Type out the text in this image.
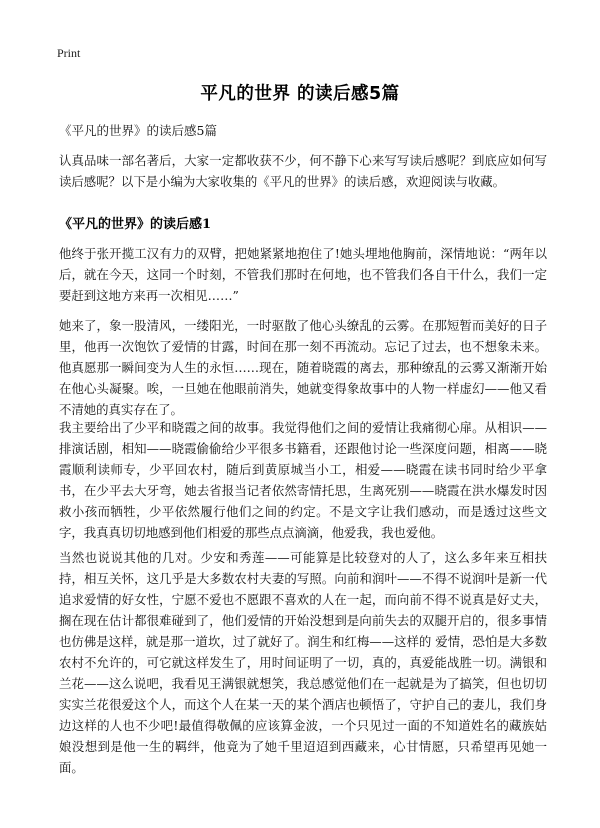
Print
平凡的世界 的读后感5篇
《平凡的世界》的读后感5篇
认真品味一部名著后，大家一定都收获不少，何不静下心来写写读后感呢？到底应如何写读后感呢？以下是小编为大家收集的《平凡的世界》的读后感，欢迎阅读与收藏。
《平凡的世界》的读后感1
他终于张开揽工汉有力的双臂，把她紧紧地抱住了!她头埋地他胸前，深情地说：“两年以后，就在今天，这同一个时刻，不管我们那时在何地，也不管我们各自干什么，我们一定要赶到这地方来再一次相见……”
她来了，象一股清风，一缕阳光，一时驱散了他心头缭乱的云雾。在那短暂而美好的日子里，他再一次饱饮了爱情的甘露，时间在那一刻不再流动。忘记了过去，也不想象未来。他真愿那一瞬间变为人生的永恒……现在，随着晓霞的离去，那种缭乱的云雾又渐渐开始在他心头凝聚。唉，一旦她在他眼前消失，她就变得象故事中的人物一样虚幻——他又看不清她的真实存在了。
我主要给出了少平和晓霞之间的故事。我觉得他们之间的爱情让我痛彻心扉。从相识——排演话剧，相知——晓霞偷偷给少平很多书籍看，还跟他讨论一些深度问题，相离——晓霞顺利读师专，少平回农村，随后到黄原城当小工，相爱——晓霞在读书同时给少平拿书，在少平去大牙弯，她去省报当记者依然寄情托思，生离死别——晓霞在洪水爆发时因救小孩而牺牲，少平依然履行他们之间的约定。不是文字让我们感动，而是透过这些文字，我真真切切地感到他们相爱的那些点点滴滴，他爱我，我也爱他。
当然也说说其他的几对。少安和秀莲——可能算是比较登对的人了，这么多年来互相扶持，相互关怀，这几乎是大多数农村夫妻的写照。向前和润叶——不得不说润叶是新一代追求爱情的好女性，宁愿不爱也不愿跟不喜欢的人在一起，而向前不得不说真是好丈夫，搁在现在估计都很难碰到了，他们爱情的开始没想到是向前失去的双腿开启的，很多事情也仿佛是这样，就是那一道坎，过了就好了。润生和红梅——这样的 爱情，恐怕是大多数农村不允许的，可它就这样发生了，用时间证明了一切，真的，真爱能战胜一切。满银和兰花——这么说吧，我看见王满银就想笑，我总感觉他们在一起就是为了搞笑，但也切切实实兰花很爱这个人，而这个人在某一天的某个酒店也顿悟了，守护自己的妻儿，我们身边这样的人也不少吧!最值得敬佩的应该算金波，一个只见过一面的不知道姓名的藏族姑娘没想到是他一生的羁绊，他竟为了她千里迢迢到西藏来，心甘情愿，只希望再见她一面。
